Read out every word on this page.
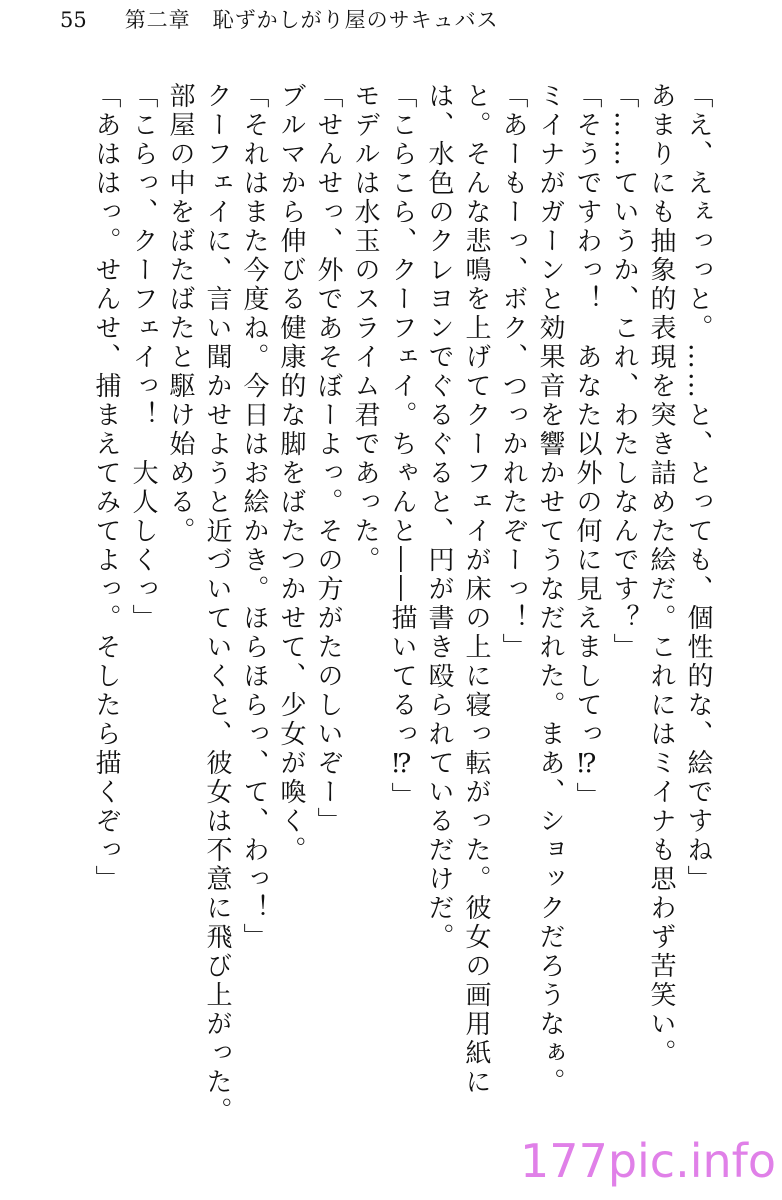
55 第二章　恥ずかしがり屋のサキュバス

「え、えぇっっと。……と、とっても、個性的な、絵ですね」

あまりにも抽象的表現を突き詰めた絵だ。これにはミイナも思わず苦笑い。

「……ていうか、これ、わたしなんです？」

「そうですわっ！　あなた以外の何に見えましてっ⁉」

ミイナがガーンと効果音を響かせてうなだれた。まあ、ショックだろうなぁ。

「あーもーっ、ボク、つっかれたぞーっ！」

と。そんな悲鳴を上げてクーフェイが床の上に寝っ転がった。彼女の画用紙には、水色のクレヨンでぐるぐると、円が書き殴られているだけだ。

「こらこら、クーフェイ。ちゃんと――描いてるっ⁉」

モデルは水玉のスライム君であった。

「せんせっ、外であそぼーよっ。その方がたのしいぞー」

ブルマから伸びる健康的な脚をばたつかせて、少女が喚く。

「それはまた今度ね。今日はお絵かき。ほらほらっ、て、わっ！」

クーフェイに、言い聞かせようと近づいていくと、彼女は不意に飛び上がった。

部屋の中をばたばたと駆け始める。

「こらっ、クーフェイっ！　大人しくっ」

「あははっ。せんせ、捕まえてみてよっ。そしたら描くぞっ」

177pic.info
